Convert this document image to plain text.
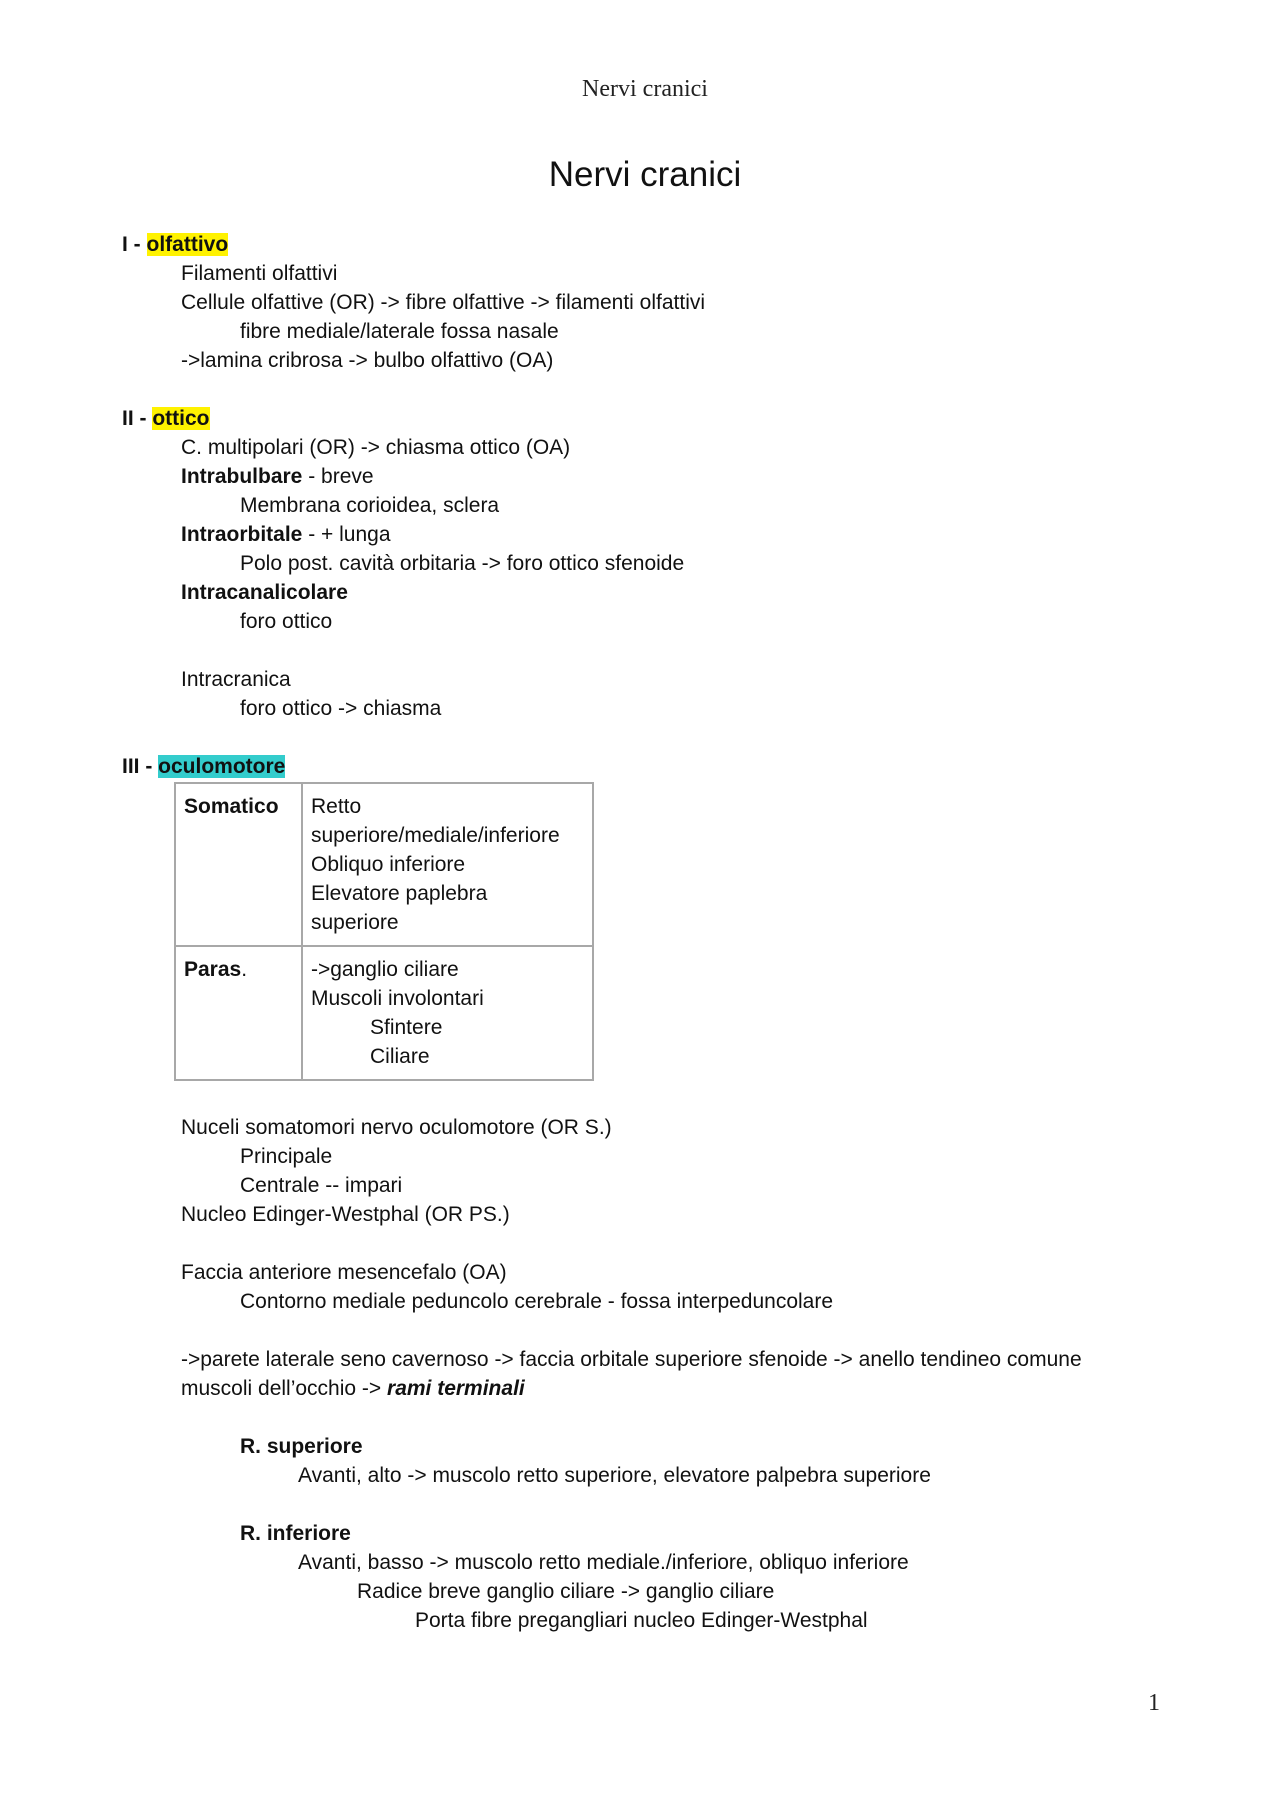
Nervi cranici
Nervi cranici
I - olfattivo
Filamenti olfattivi
Cellule olfattive (OR) -> fibre olfattive -> filamenti olfattivi
fibre mediale/laterale fossa nasale
->lamina cribrosa -> bulbo olfattivo (OA)
II - ottico
C. multipolari (OR) -> chiasma ottico (OA)
Intrabulbare - breve
Membrana corioidea, sclera
Intraorbitale - + lunga
Polo post. cavità orbitaria -> foro ottico sfenoide
Intracanalicolare
foro ottico
Intracranica
foro ottico -> chiasma
III - oculomotore
Somatico	Retto
superiore/mediale/inferiore
Obliquo inferiore
Elevatore paplebra
superiore

Paras.	->ganglio ciliare
Muscoli involontari
Sfintere
Ciliare
Nuceli somatomori nervo oculomotore (OR S.)
Principale
Centrale -- impari
Nucleo Edinger-Westphal (OR PS.)
Faccia anteriore mesencefalo (OA)
Contorno mediale peduncolo cerebrale - fossa interpeduncolare
->parete laterale seno cavernoso -> faccia orbitale superiore sfenoide -> anello tendineo comune
muscoli dell’occhio -> rami terminali
R. superiore
Avanti, alto -> muscolo retto superiore, elevatore palpebra superiore
R. inferiore
Avanti, basso -> muscolo retto mediale./inferiore, obliquo inferiore
Radice breve ganglio ciliare -> ganglio ciliare
Porta fibre pregangliari nucleo Edinger-Westphal
1
